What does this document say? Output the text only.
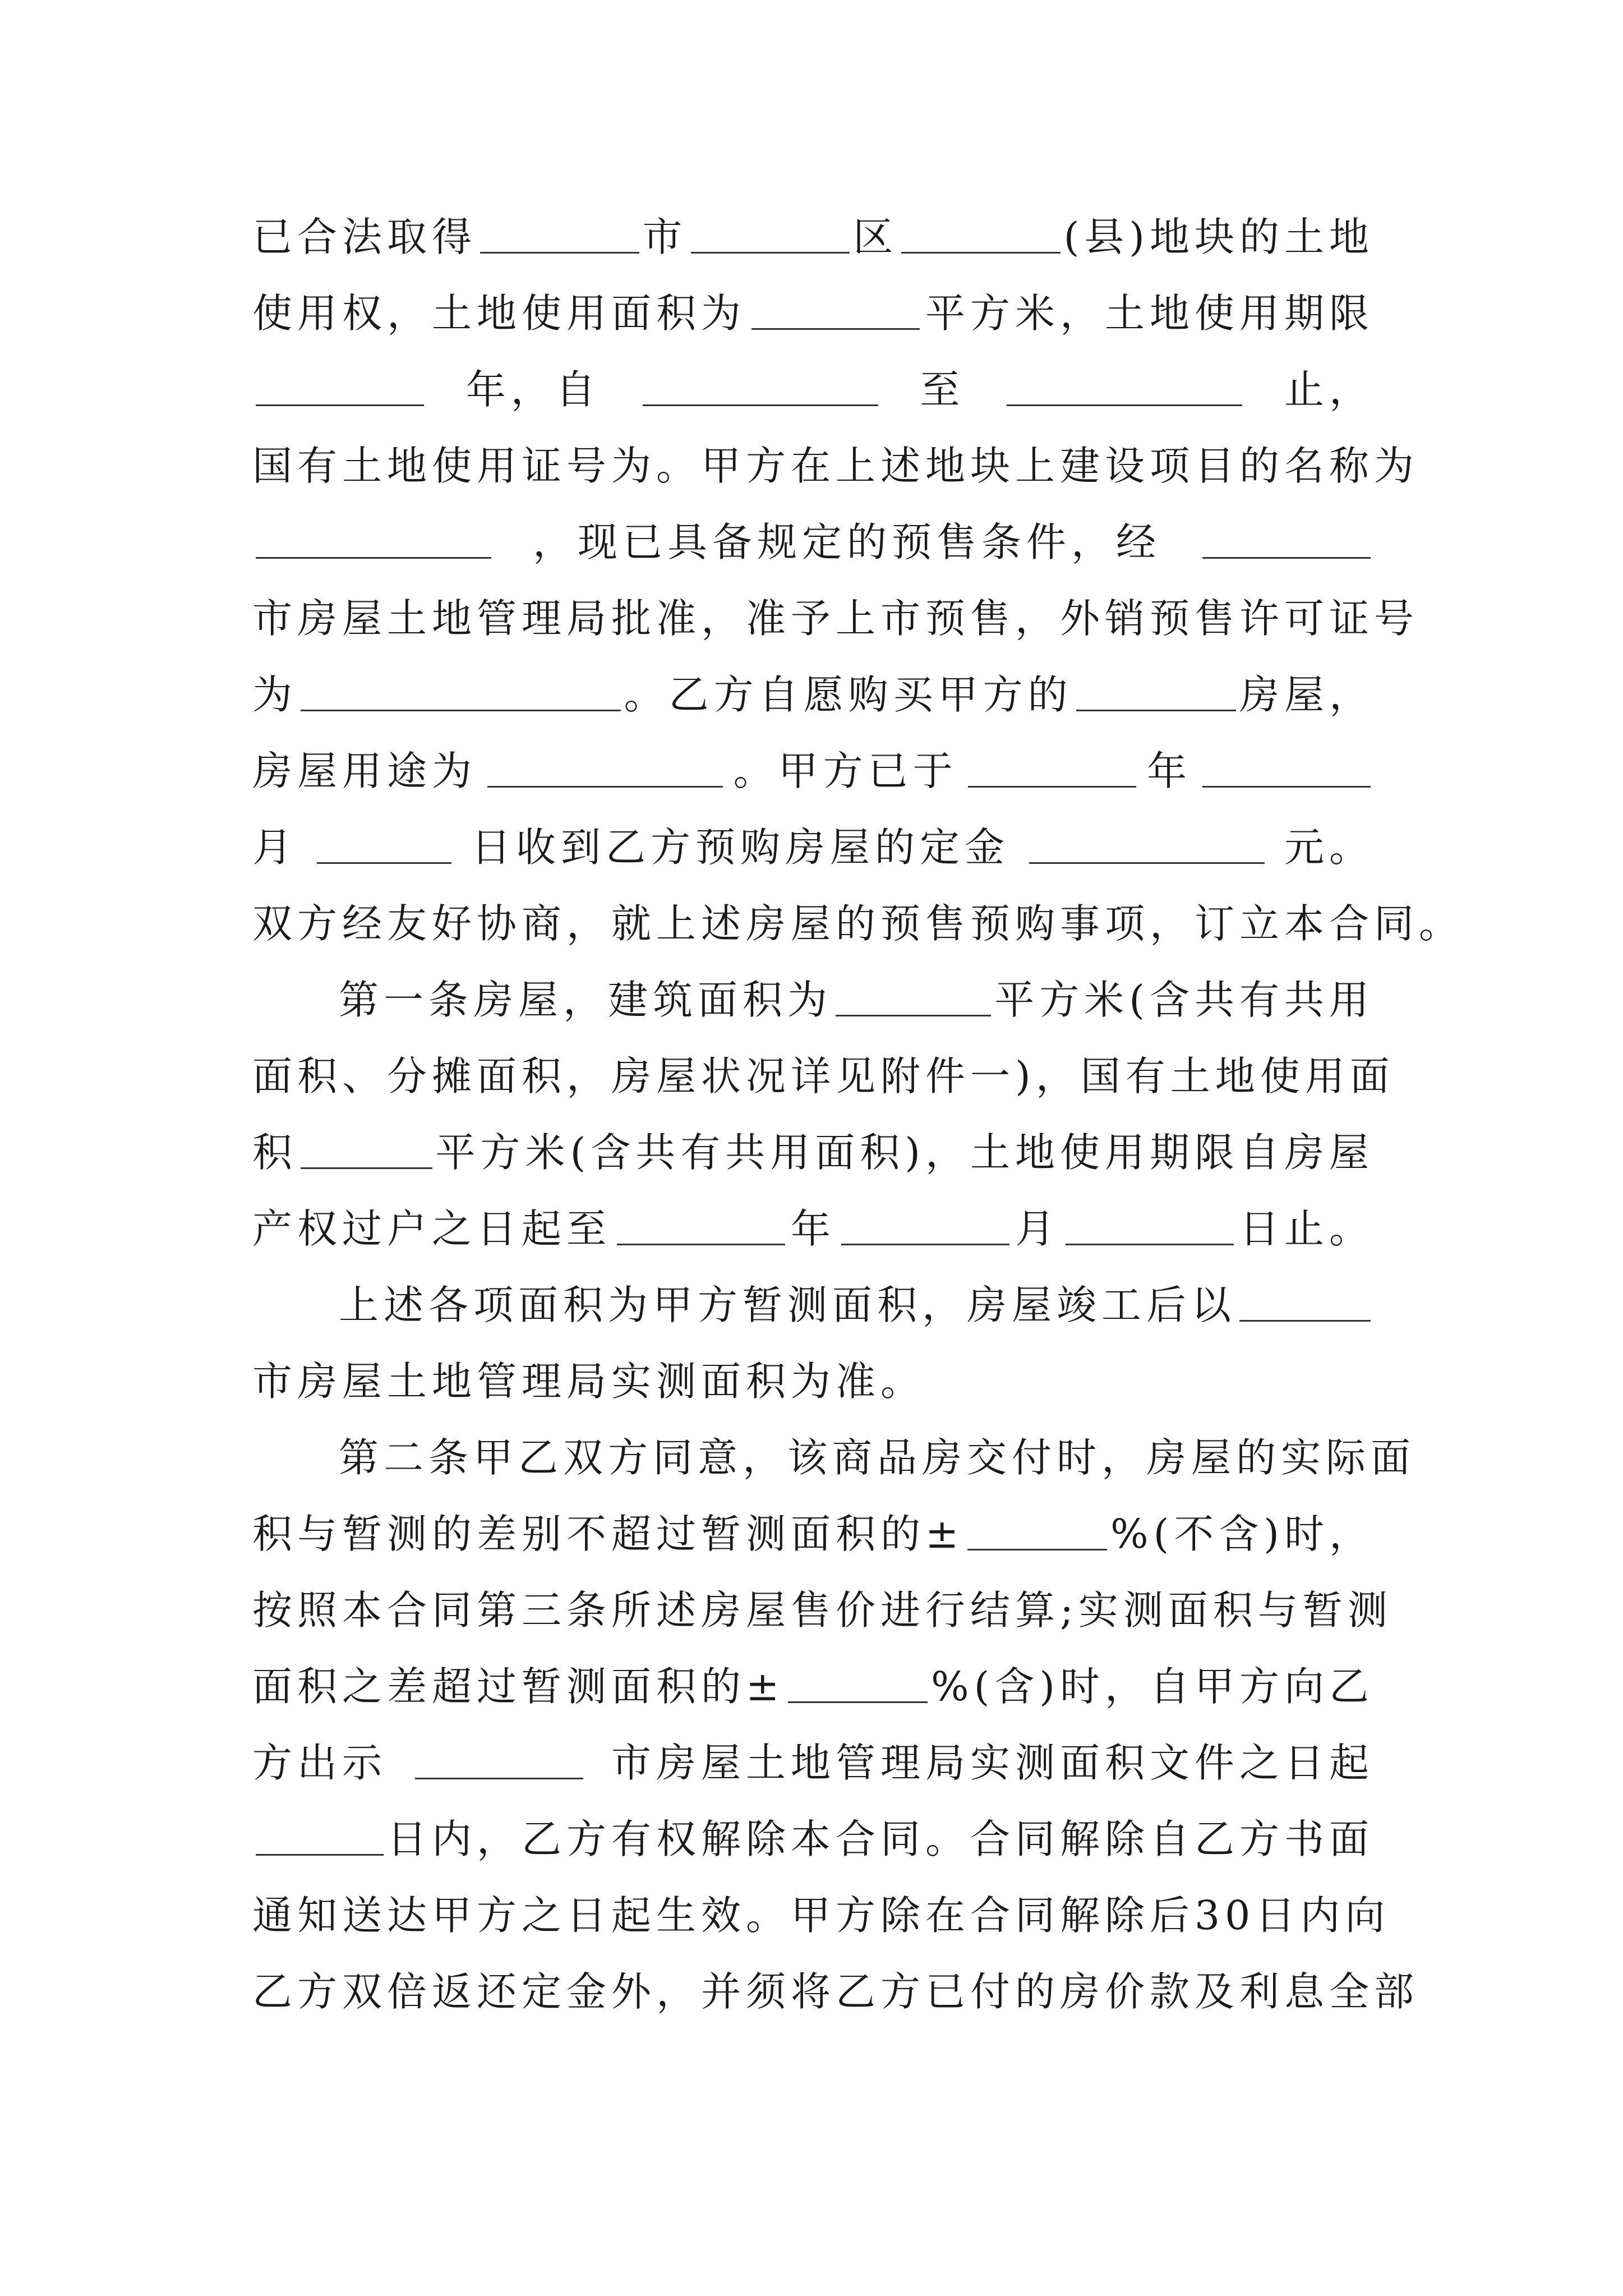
已合法取得	市	区	(县)地块的土地
使用权，土地使用面积为	平方米，土地使用期限
年，自	至	止，
国有土地使用证号为。甲方在上述地块上建设项目的名称为
，现已具备规定的预售条件，经
市房屋土地管理局批准，准予上市预售，外销预售许可证号
为	。乙方自愿购买甲方的	房屋，
房屋用途为	。甲方已于	年
月	日收到乙方预购房屋的定金	元。
双方经友好协商，就上述房屋的预售预购事项，订立本合同。
第一条房屋，建筑面积为	平方米(含共有共用
面积、分摊面积，房屋状况详见附件一)，国有土地使用面
积	平方米(含共有共用面积)，土地使用期限自房屋
产权过户之日起至	年	月	日止。
上述各项面积为甲方暂测面积，房屋竣工后以
市房屋土地管理局实测面积为准。
第二条甲乙双方同意，该商品房交付时，房屋的实际面
积与暂测的差别不超过暂测面积的±	%(不含)时，
按照本合同第三条所述房屋售价进行结算;实测面积与暂测
面积之差超过暂测面积的±	%(含)时，自甲方向乙
方出示	市房屋土地管理局实测面积文件之日起
日内，乙方有权解除本合同。合同解除自乙方书面
通知送达甲方之日起生效。甲方除在合同解除后30日内向
乙方双倍返还定金外，并须将乙方已付的房价款及利息全部
